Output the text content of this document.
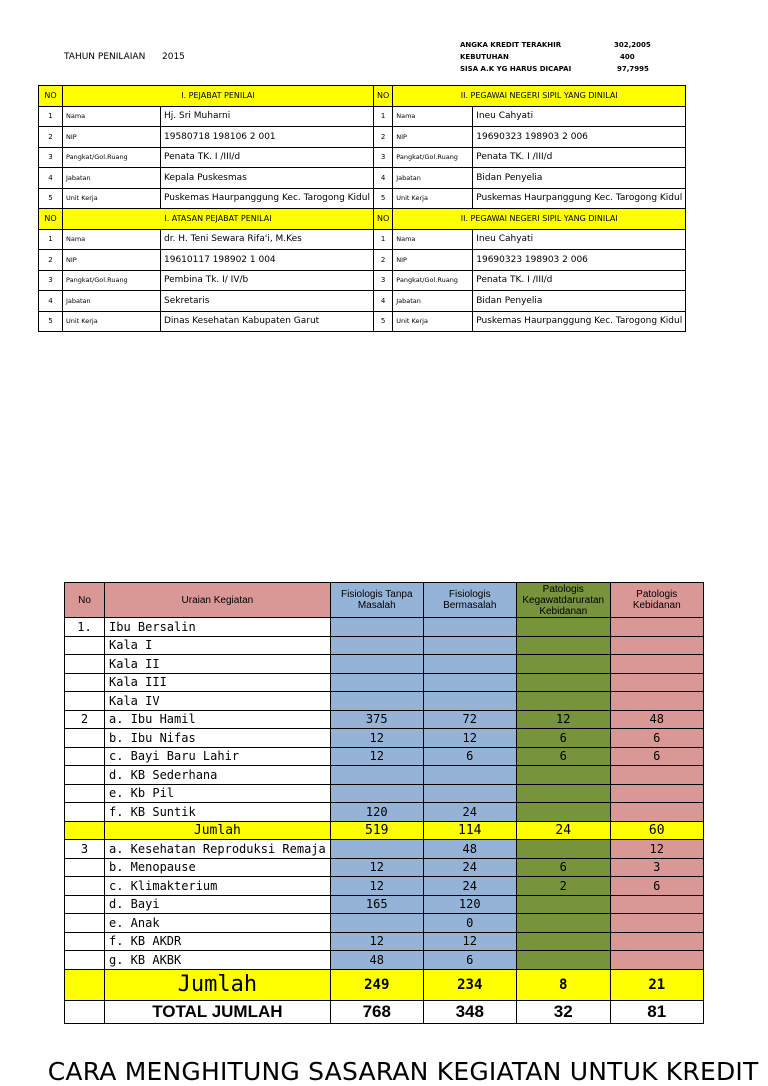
TAHUN PENILAIAN 2015
ANGKA KREDIT TERAKHIR	302,2005
KEBUTUHAN	400
SISA A.K YG HARUS DICAPAI	97,7995
NO	I. PEJABAT PENILAI		NO	II. PEGAWAI NEGERI SIPIL YANG DINILAI	
1	Nama	Hj. Sri Muharni	1	Nama	Ineu Cahyati
2	NIP	19580718 198106 2 001	2	NIP	19690323 198903 2 006
3	Pangkat/Gol.Ruang	Penata TK. I /III/d	3	Pangkat/Gol.Ruang	Penata TK. I /III/d
4	Jabatan	Kepala Puskesmas	4	Jabatan	Bidan Penyelia
5	Unit Kerja	Puskemas Haurpanggung Kec. Tarogong Kidul	5	Unit Kerja	Puskemas Haurpanggung Kec. Tarogong Kidul
NO	I. ATASAN PEJABAT PENILAI		NO	II. PEGAWAI NEGERI SIPIL YANG DINILAI	
1	Nama	dr. H. Teni Sewara Rifa'i, M.Kes	1	Nama	Ineu Cahyati
2	NIP	19610117 198902 1 004	2	NIP	19690323 198903 2 006
3	Pangkat/Gol.Ruang	Pembina Tk. I/ IV/b	3	Pangkat/Gol.Ruang	Penata TK. I /III/d
4	Jabatan	Sekretaris	4	Jabatan	Bidan Penyelia
5	Unit Kerja	Dinas Kesehatan Kabupaten Garut	5	Unit Kerja	Puskemas Haurpanggung Kec. Tarogong Kidul
CARA MENGHITUNG SASARAN KEGIATAN UNTUK KREDIT
No	Uraian Kegiatan	Fisiologis Tanpa Masalah	Fisiologis Bermasalah	Patologis Kegawatdaruratan Kebidanan	Patologis Kebidanan
1.	Ibu Bersalin				
	Kala I				
	Kala II				
	Kala III				
	Kala IV				
2	a. Ibu Hamil	375	72	12	48
	b. Ibu Nifas	12	12	6	6
	c. Bayi Baru Lahir	12	6	6	6
	d. KB Sederhana				
	e. Kb Pil				
	f. KB Suntik	120	24		
	Jumlah	519	114	24	60
3	a. Kesehatan Reproduksi Remaja		48		12
	b. Menopause	12	24	6	3
	c. Klimakterium	12	24	2	6
	d. Bayi	165	120		
	e. Anak		0		
	f. KB AKDR	12	12		
	g. KB AKBK	48	6		
	Jumlah	249	234	8	21
	TOTAL JUMLAH	768	348	32	81
